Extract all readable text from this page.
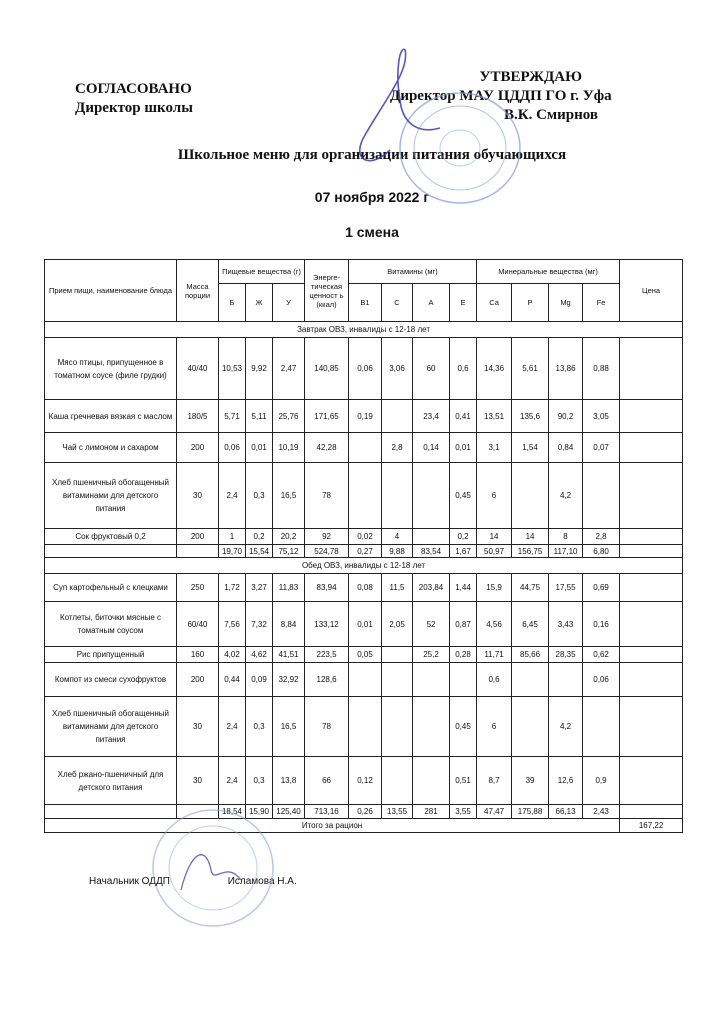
СОГЛАСОВАНО
Директор школы
УТВЕРЖДАЮ
Директор МАУ ЦДДП ГО г. Уфа
В.К. Смирнов
Школьное меню для организации питания обучающихся
07 ноября 2022 г
1 смена
Прием пищи, наименование блюда	Масса порции	Пищевые вещества (г)			Энерге-тическая ценност ь (ккал)	Витамины (мг)				Минеральные вещества (мг)				Цена
		Б	Ж	У		В1	С	А	Е	Са	Р	Mg	Fe	
Завтрак ОВЗ, инвалиды с 12-18 лет														
Мясо птицы, припущенное в томатном соусе (филе грудки)	40/40	10,53	9,92	2,47	140,85	0,06	3,06	60	0,6	14,36	5,61	13,86	0,88	
Каша гречневая вязкая с маслом	180/5	5,71	5,11	25,76	171,65	0,19		23,4	0,41	13,51	135,6	90,2	3,05	
Чай с лимоном и сахаром	200	0,06	0,01	10,19	42,28		2,8	0,14	0,01	3,1	1,54	0,84	0,07	
Хлеб пшеничный обогащенный витаминами для детского питания	30	2,4	0,3	16,5	78				0,45	6		4,2		
Сок фруктовый 0,2	200	1	0,2	20,2	92	0,02	4		0,2	14	14	8	2,8	
		19,70	15,54	75,12	524,78	0,27	9,88	83,54	1,67	50,97	156,75	117,10	6,80	
Обед ОВЗ, инвалиды с 12-18 лет														
Суп картофельный с клецками	250	1,72	3,27	11,83	83,94	0,08	11,5	203,84	1,44	15,9	44,75	17,55	0,69	
Котлеты, биточки мясные с томатным соусом	60/40	7,56	7,32	8,84	133,12	0,01	2,05	52	0,87	4,56	6,45	3,43	0,16	
Рис припущенный	160	4,02	4,62	41,51	223,5	0,05		25,2	0,28	11,71	85,66	28,35	0,62	
Компот из смеси сухофруктов	200	0,44	0,09	32,92	128,6					0,6			0,06	
Хлеб пшеничный обогащенный витаминами для детского питания	30	2,4	0,3	16,5	78				0,45	6		4,2		
Хлеб ржано-пшеничный для детского питания	30	2,4	0,3	13,8	66	0,12			0,51	8,7	39	12,6	0,9	
		18,54	15,90	125,40	713,16	0,26	13,55	281	3,55	47,47	175,88	66,13	2,43	
Итого за рацион														167,22
Начальник ОДДП	Исламова Н.А.
